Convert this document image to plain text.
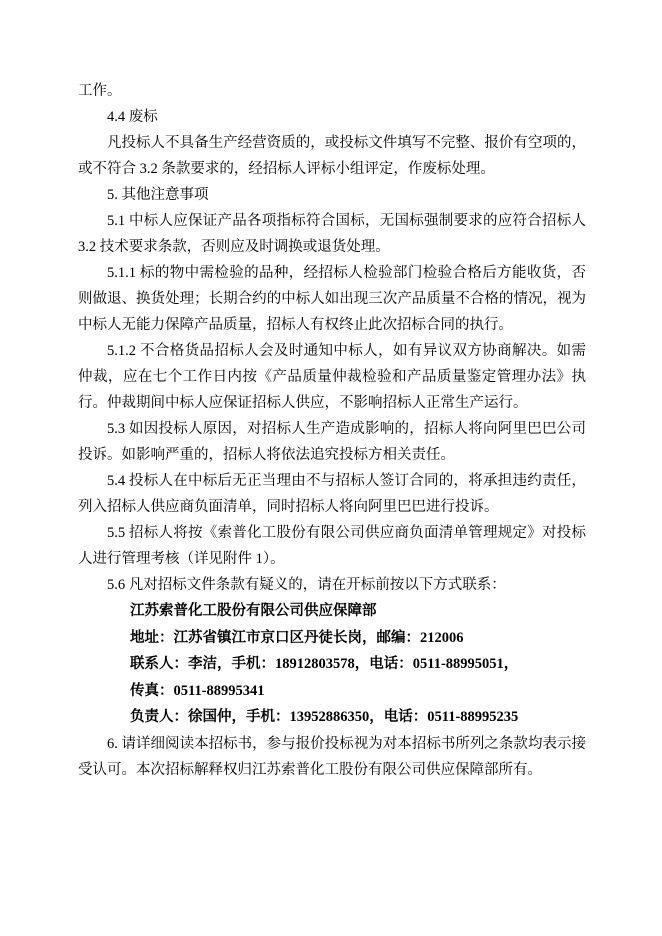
工作。

4.4 废标

凡投标人不具备生产经营资质的，或投标文件填写不完整、报价有空项的，或不符合 3.2 条款要求的，经招标人评标小组评定，作废标处理。

5. 其他注意事项

5.1 中标人应保证产品各项指标符合国标，无国标强制要求的应符合招标人 3.2 技术要求条款，否则应及时调换或退货处理。

5.1.1 标的物中需检验的品种，经招标人检验部门检验合格后方能收货，否则做退、换货处理；长期合约的中标人如出现三次产品质量不合格的情况，视为中标人无能力保障产品质量，招标人有权终止此次招标合同的执行。

5.1.2 不合格货品招标人会及时通知中标人，如有异议双方协商解决。如需仲裁，应在七个工作日内按《产品质量仲裁检验和产品质量鉴定管理办法》执行。仲裁期间中标人应保证招标人供应，不影响招标人正常生产运行。

5.3 如因投标人原因，对招标人生产造成影响的，招标人将向阿里巴巴公司投诉。如影响严重的，招标人将依法追究投标方相关责任。

5.4 投标人在中标后无正当理由不与招标人签订合同的，将承担违约责任，列入招标人供应商负面清单，同时招标人将向阿里巴巴进行投诉。

5.5 招标人将按《索普化工股份有限公司供应商负面清单管理规定》对投标人进行管理考核（详见附件 1）。

5.6 凡对招标文件条款有疑义的，请在开标前按以下方式联系：

江苏索普化工股份有限公司供应保障部

地址：江苏省镇江市京口区丹徒长岗，邮编：212006

联系人：李洁，手机：18912803578，电话：0511-88995051，

传真：0511-88995341

负责人：徐国仲，手机：13952886350，电话：0511-88995235

6. 请详细阅读本招标书，参与报价投标视为对本招标书所列之条款均表示接受认可。本次招标解释权归江苏索普化工股份有限公司供应保障部所有。
